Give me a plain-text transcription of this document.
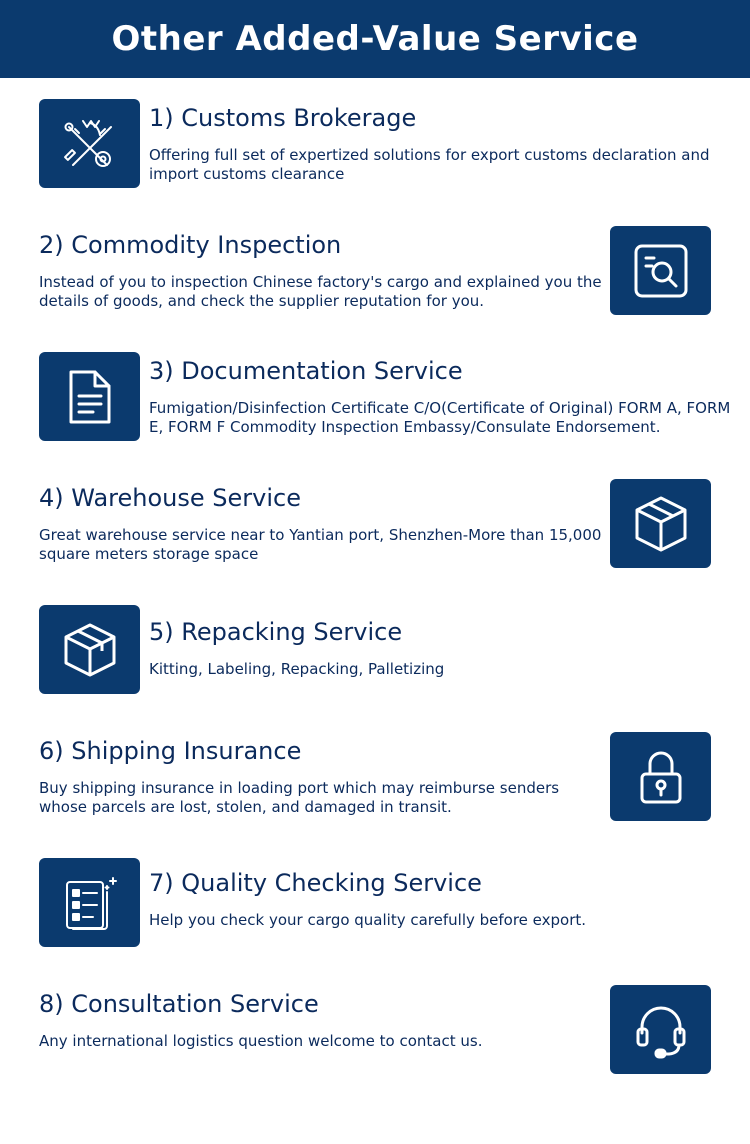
Other Added-Value Service
1) Customs Brokerage
Offering full set of expertized solutions for export customs declaration and import customs clearance
2) Commodity Inspection
Instead of you to inspection Chinese factory's cargo and explained you the details of goods, and check the supplier reputation for you.
3) Documentation Service
Fumigation/Disinfection Certificate C/O(Certificate of Original) FORM A, FORM E, FORM F Commodity Inspection Embassy/Consulate Endorsement.
4) Warehouse Service
Great warehouse service near to Yantian port, Shenzhen-More than 15,000 square meters storage space
5) Repacking Service
Kitting, Labeling, Repacking, Palletizing
6) Shipping Insurance
Buy shipping insurance in loading port which may reimburse senders whose parcels are lost, stolen, and damaged in transit.
7) Quality Checking Service
Help you check your cargo quality carefully before export.
8) Consultation Service
Any international logistics question welcome to contact us.
